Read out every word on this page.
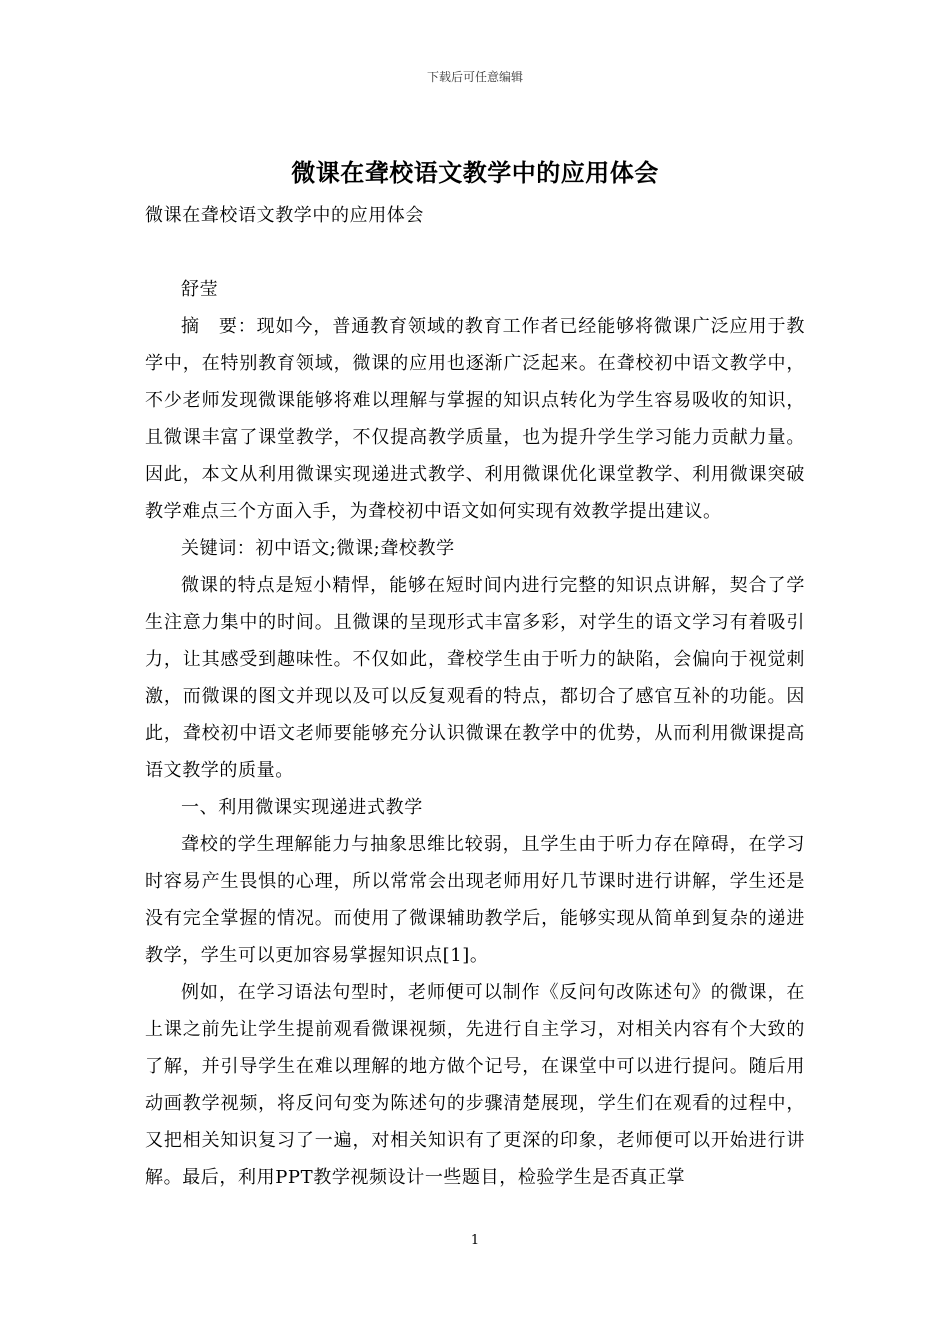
下载后可任意编辑
微课在聋校语文教学中的应用体会

微课在聋校语文教学中的应用体会

舒莹

摘　要：现如今，普通教育领域的教育工作者已经能够将微课广泛应用于教学中，在特别教育领域，微课的应用也逐渐广泛起来。在聋校初中语文教学中，不少老师发现微课能够将难以理解与掌握的知识点转化为学生容易吸收的知识，且微课丰富了课堂教学，不仅提高教学质量，也为提升学生学习能力贡献力量。因此，本文从利用微课实现递进式教学、利用微课优化课堂教学、利用微课突破教学难点三个方面入手，为聋校初中语文如何实现有效教学提出建议。

关键词：初中语文;微课;聋校教学

微课的特点是短小精悍，能够在短时间内进行完整的知识点讲解，契合了学生注意力集中的时间。且微课的呈现形式丰富多彩，对学生的语文学习有着吸引力，让其感受到趣味性。不仅如此，聋校学生由于听力的缺陷，会偏向于视觉刺激，而微课的图文并现以及可以反复观看的特点，都切合了感官互补的功能。因此，聋校初中语文老师要能够充分认识微课在教学中的优势，从而利用微课提高语文教学的质量。

一、利用微课实现递进式教学

聋校的学生理解能力与抽象思维比较弱，且学生由于听力存在障碍，在学习时容易产生畏惧的心理，所以常常会出现老师用好几节课时进行讲解，学生还是没有完全掌握的情况。而使用了微课辅助教学后，能够实现从简单到复杂的递进教学，学生可以更加容易掌握知识点[1]。

例如，在学习语法句型时，老师便可以制作《反问句改陈述句》的微课，在上课之前先让学生提前观看微课视频，先进行自主学习，对相关内容有个大致的了解，并引导学生在难以理解的地方做个记号，在课堂中可以进行提问。随后用动画教学视频，将反问句变为陈述句的步骤清楚展现，学生们在观看的过程中，又把相关知识复习了一遍，对相关知识有了更深的印象，老师便可以开始进行讲解。最后，利用PPT教学视频设计一些题目，检验学生是否真正掌

1
